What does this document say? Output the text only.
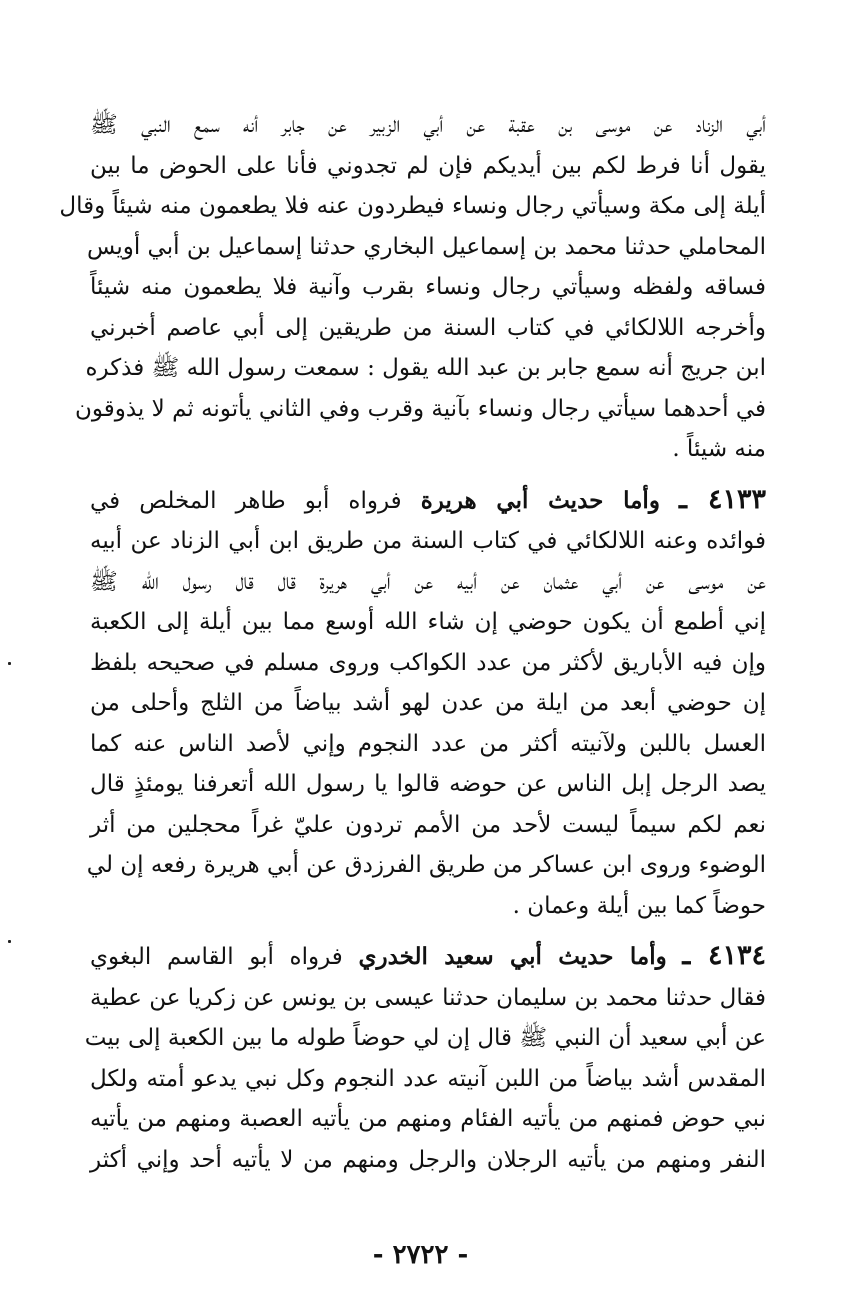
أبي الزناد عن موسى بن عقبة عن أبي الزبير عن جابر أنه سمع النبي ﷺ
يقول أنا فرط لكم بين أيديكم فإن لم تجدوني فأنا على الحوض ما بين
أيلة إلى مكة وسيأتي رجال ونساء فيطردون عنه فلا يطعمون منه شيئاً وقال
المحاملي حدثنا محمد بن إسماعيل البخاري حدثنا إسماعيل بن أبي أويس
فساقه ولفظه وسيأتي رجال ونساء بقرب وآنية فلا يطعمون منه شيئاً
وأخرجه اللالكائي في كتاب السنة من طريقين إلى أبي عاصم أخبرني
ابن جريج أنه سمع جابر بن عبد الله يقول : سمعت رسول الله ﷺ فذكره
في أحدهما سيأتي رجال ونساء بآنية وقرب وفي الثاني يأتونه ثم لا يذوقون
منه شيئاً .

٤١٣٣ ـ وأما حديث أبي هريرة فرواه أبو طاهر المخلص في
فوائده وعنه اللالكائي في كتاب السنة من طريق ابن أبي الزناد عن أبيه
عن موسى عن أبي عثمان عن أبيه عن أبي هريرة قال قال رسول الله ﷺ
إني أطمع أن يكون حوضي إن شاء الله أوسع مما بين أيلة إلى الكعبة
وإن فيه الأباريق لأكثر من عدد الكواكب وروى مسلم في صحيحه بلفظ
إن حوضي أبعد من ايلة من عدن لهو أشد بياضاً من الثلج وأحلى من
العسل باللبن ولآنيته أكثر من عدد النجوم وإني لأصد الناس عنه كما
يصد الرجل إبل الناس عن حوضه قالوا يا رسول الله أتعرفنا يومئذٍ قال
نعم لكم سيماً ليست لأحد من الأمم تردون عليّ غراً محجلين من أثر
الوضوء وروى ابن عساكر من طريق الفرزدق عن أبي هريرة رفعه إن لي
حوضاً كما بين أيلة وعمان .

٤١٣٤ ـ وأما حديث أبي سعيد الخدري فرواه أبو القاسم البغوي
فقال حدثنا محمد بن سليمان حدثنا عيسى بن يونس عن زكريا عن عطية
عن أبي سعيد أن النبي ﷺ قال إن لي حوضاً طوله ما بين الكعبة إلى بيت
المقدس أشد بياضاً من اللبن آنيته عدد النجوم وكل نبي يدعو أمته ولكل
نبي حوض فمنهم من يأتيه الفئام ومنهم من يأتيه العصبة ومنهم من يأتيه
النفر ومنهم من يأتيه الرجلان والرجل ومنهم من لا يأتيه أحد وإني أكثر

- ٢٧٢٢ -
